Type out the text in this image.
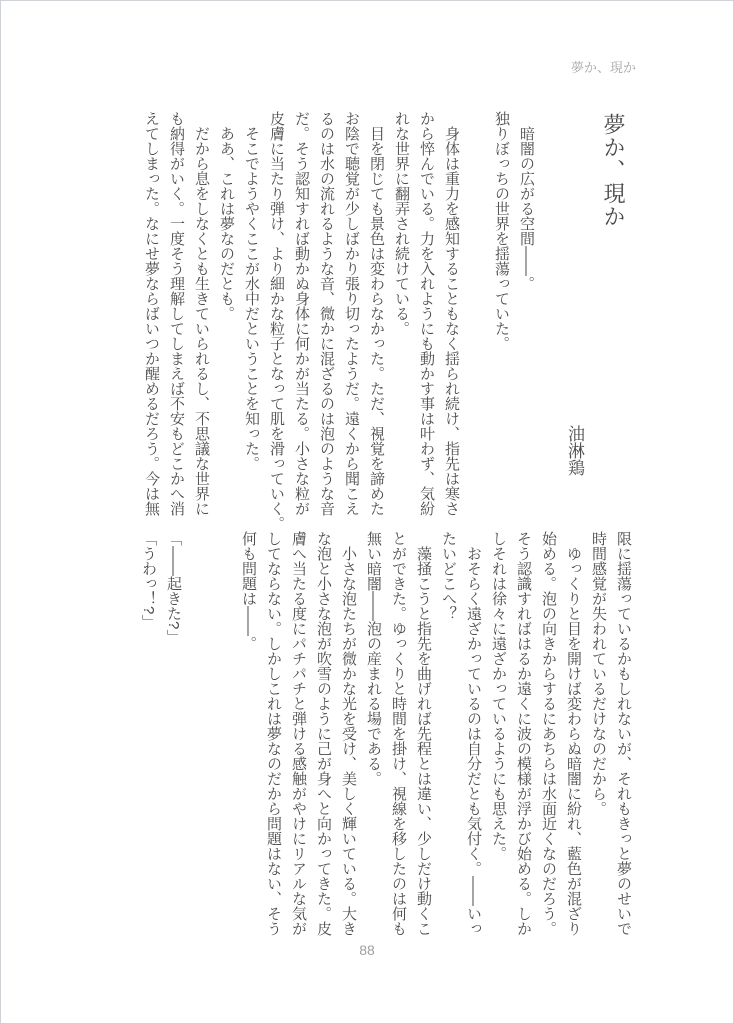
夢か、現か
夢か、現か
油淋鶏
　暗闇の広がる空間――。
独りぼっちの世界を揺蕩っていた。

　身体は重力を感知することもなく揺られ続け、指先は寒さ
から悴んでいる。力を入れようにも動かす事は叶わず、気紛
れな世界に翻弄され続けている。
　目を閉じても景色は変わらなかった。ただ、視覚を諦めた
お陰で聴覚が少しばかり張り切ったようだ。遠くから聞こえ
るのは水の流れるような音、微かに混ざるのは泡のような音
だ。そう認知すれば動かぬ身体に何かが当たる。小さな粒が
皮膚に当たり弾け、より細かな粒子となって肌を滑っていく。
　そこでようやくここが水中だということを知った。
　ああ、これは夢なのだとも。
　だから息をしなくとも生きていられるし、不思議な世界に
も納得がいく。一度そう理解してしまえば不安もどこかへ消
えてしまった。なにせ夢ならばいつか醒めるだろう。今は無
限に揺蕩っているかもしれないが、それもきっと夢のせいで
時間感覚が失われているだけなのだから。
　ゆっくりと目を開けば変わらぬ暗闇に紛れ、藍色が混ざり
始める。泡の向きからするにあちらは水面近くなのだろう。
そう認識すればはるか遠くに波の模様が浮かび始める。しか
しそれは徐々に遠ざかっているようにも思えた。
　おそらく遠ざかっているのは自分だとも気付く。――いっ
たいどこへ？
　藻掻こうと指先を曲げれば先程とは違い、少しだけ動くこ
とができた。ゆっくりと時間を掛け、視線を移したのは何も
無い暗闇――泡の産まれる場である。
　小さな泡たちが微かな光を受け、美しく輝いている。大き
な泡と小さな泡が吹雪のように己が身へと向かってきた。皮
膚へ当たる度にパチパチと弾ける感触がやけにリアルな気が
してならない。しかしこれは夢なのだから問題はない、そう
何も問題は――。

「――起きた?」
「うわっ！?」
88
